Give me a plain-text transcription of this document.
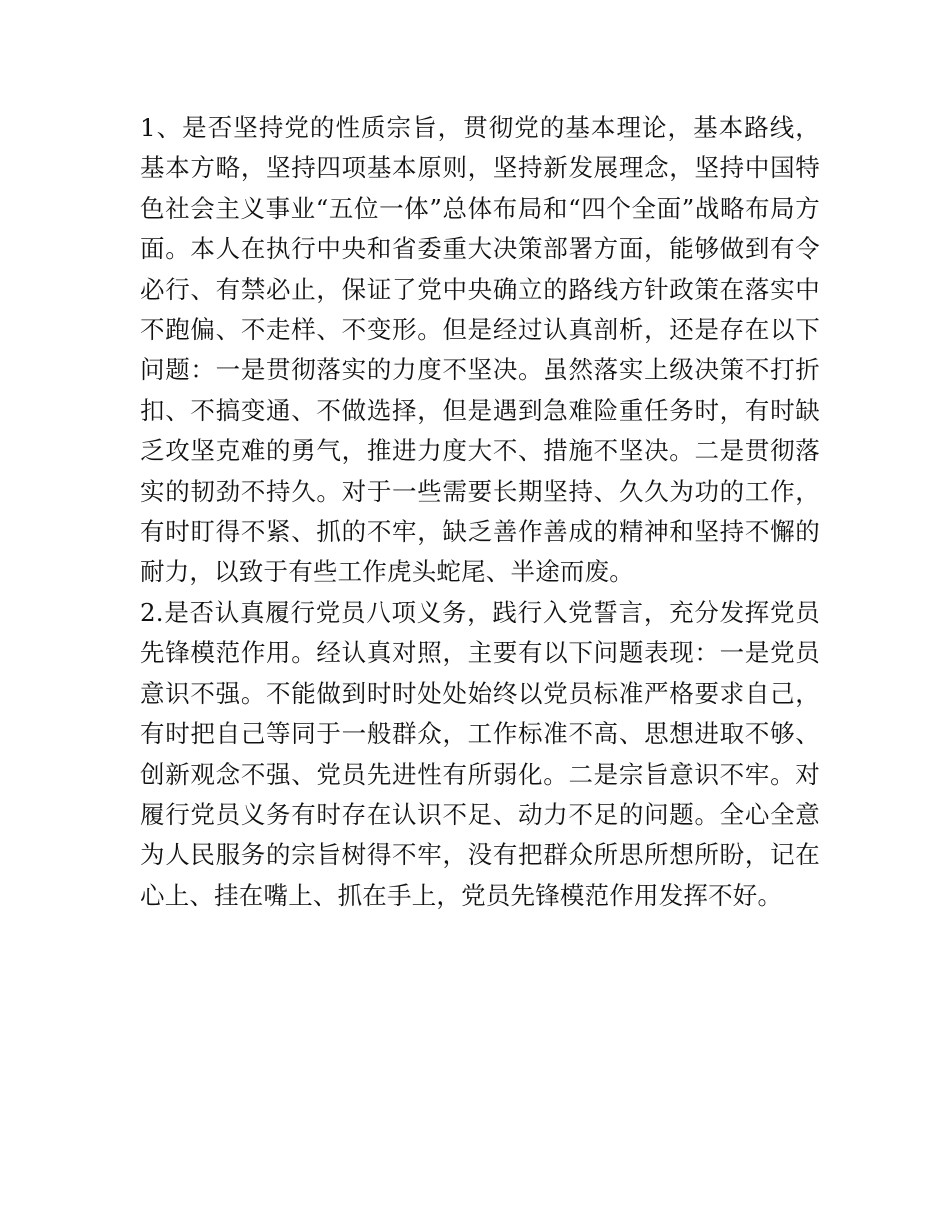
1、是否坚持党的性质宗旨，贯彻党的基本理论，基本路线，基本方略，坚持四项基本原则，坚持新发展理念，坚持中国特色社会主义事业“五位一体”总体布局和“四个全面”战略布局方面。本人在执行中央和省委重大决策部署方面，能够做到有令必行、有禁必止，保证了党中央确立的路线方针政策在落实中不跑偏、不走样、不变形。但是经过认真剖析，还是存在以下问题：一是贯彻落实的力度不坚决。虽然落实上级决策不打折扣、不搞变通、不做选择，但是遇到急难险重任务时，有时缺乏攻坚克难的勇气，推进力度大不、措施不坚决。二是贯彻落实的韧劲不持久。对于一些需要长期坚持、久久为功的工作，有时盯得不紧、抓的不牢，缺乏善作善成的精神和坚持不懈的耐力，以致于有些工作虎头蛇尾、半途而废。

2.是否认真履行党员八项义务，践行入党誓言，充分发挥党员先锋模范作用。经认真对照，主要有以下问题表现：一是党员意识不强。不能做到时时处处始终以党员标准严格要求自己，有时把自己等同于一般群众，工作标准不高、思想进取不够、创新观念不强、党员先进性有所弱化。二是宗旨意识不牢。对履行党员义务有时存在认识不足、动力不足的问题。全心全意为人民服务的宗旨树得不牢，没有把群众所思所想所盼，记在心上、挂在嘴上、抓在手上，党员先锋模范作用发挥不好。
